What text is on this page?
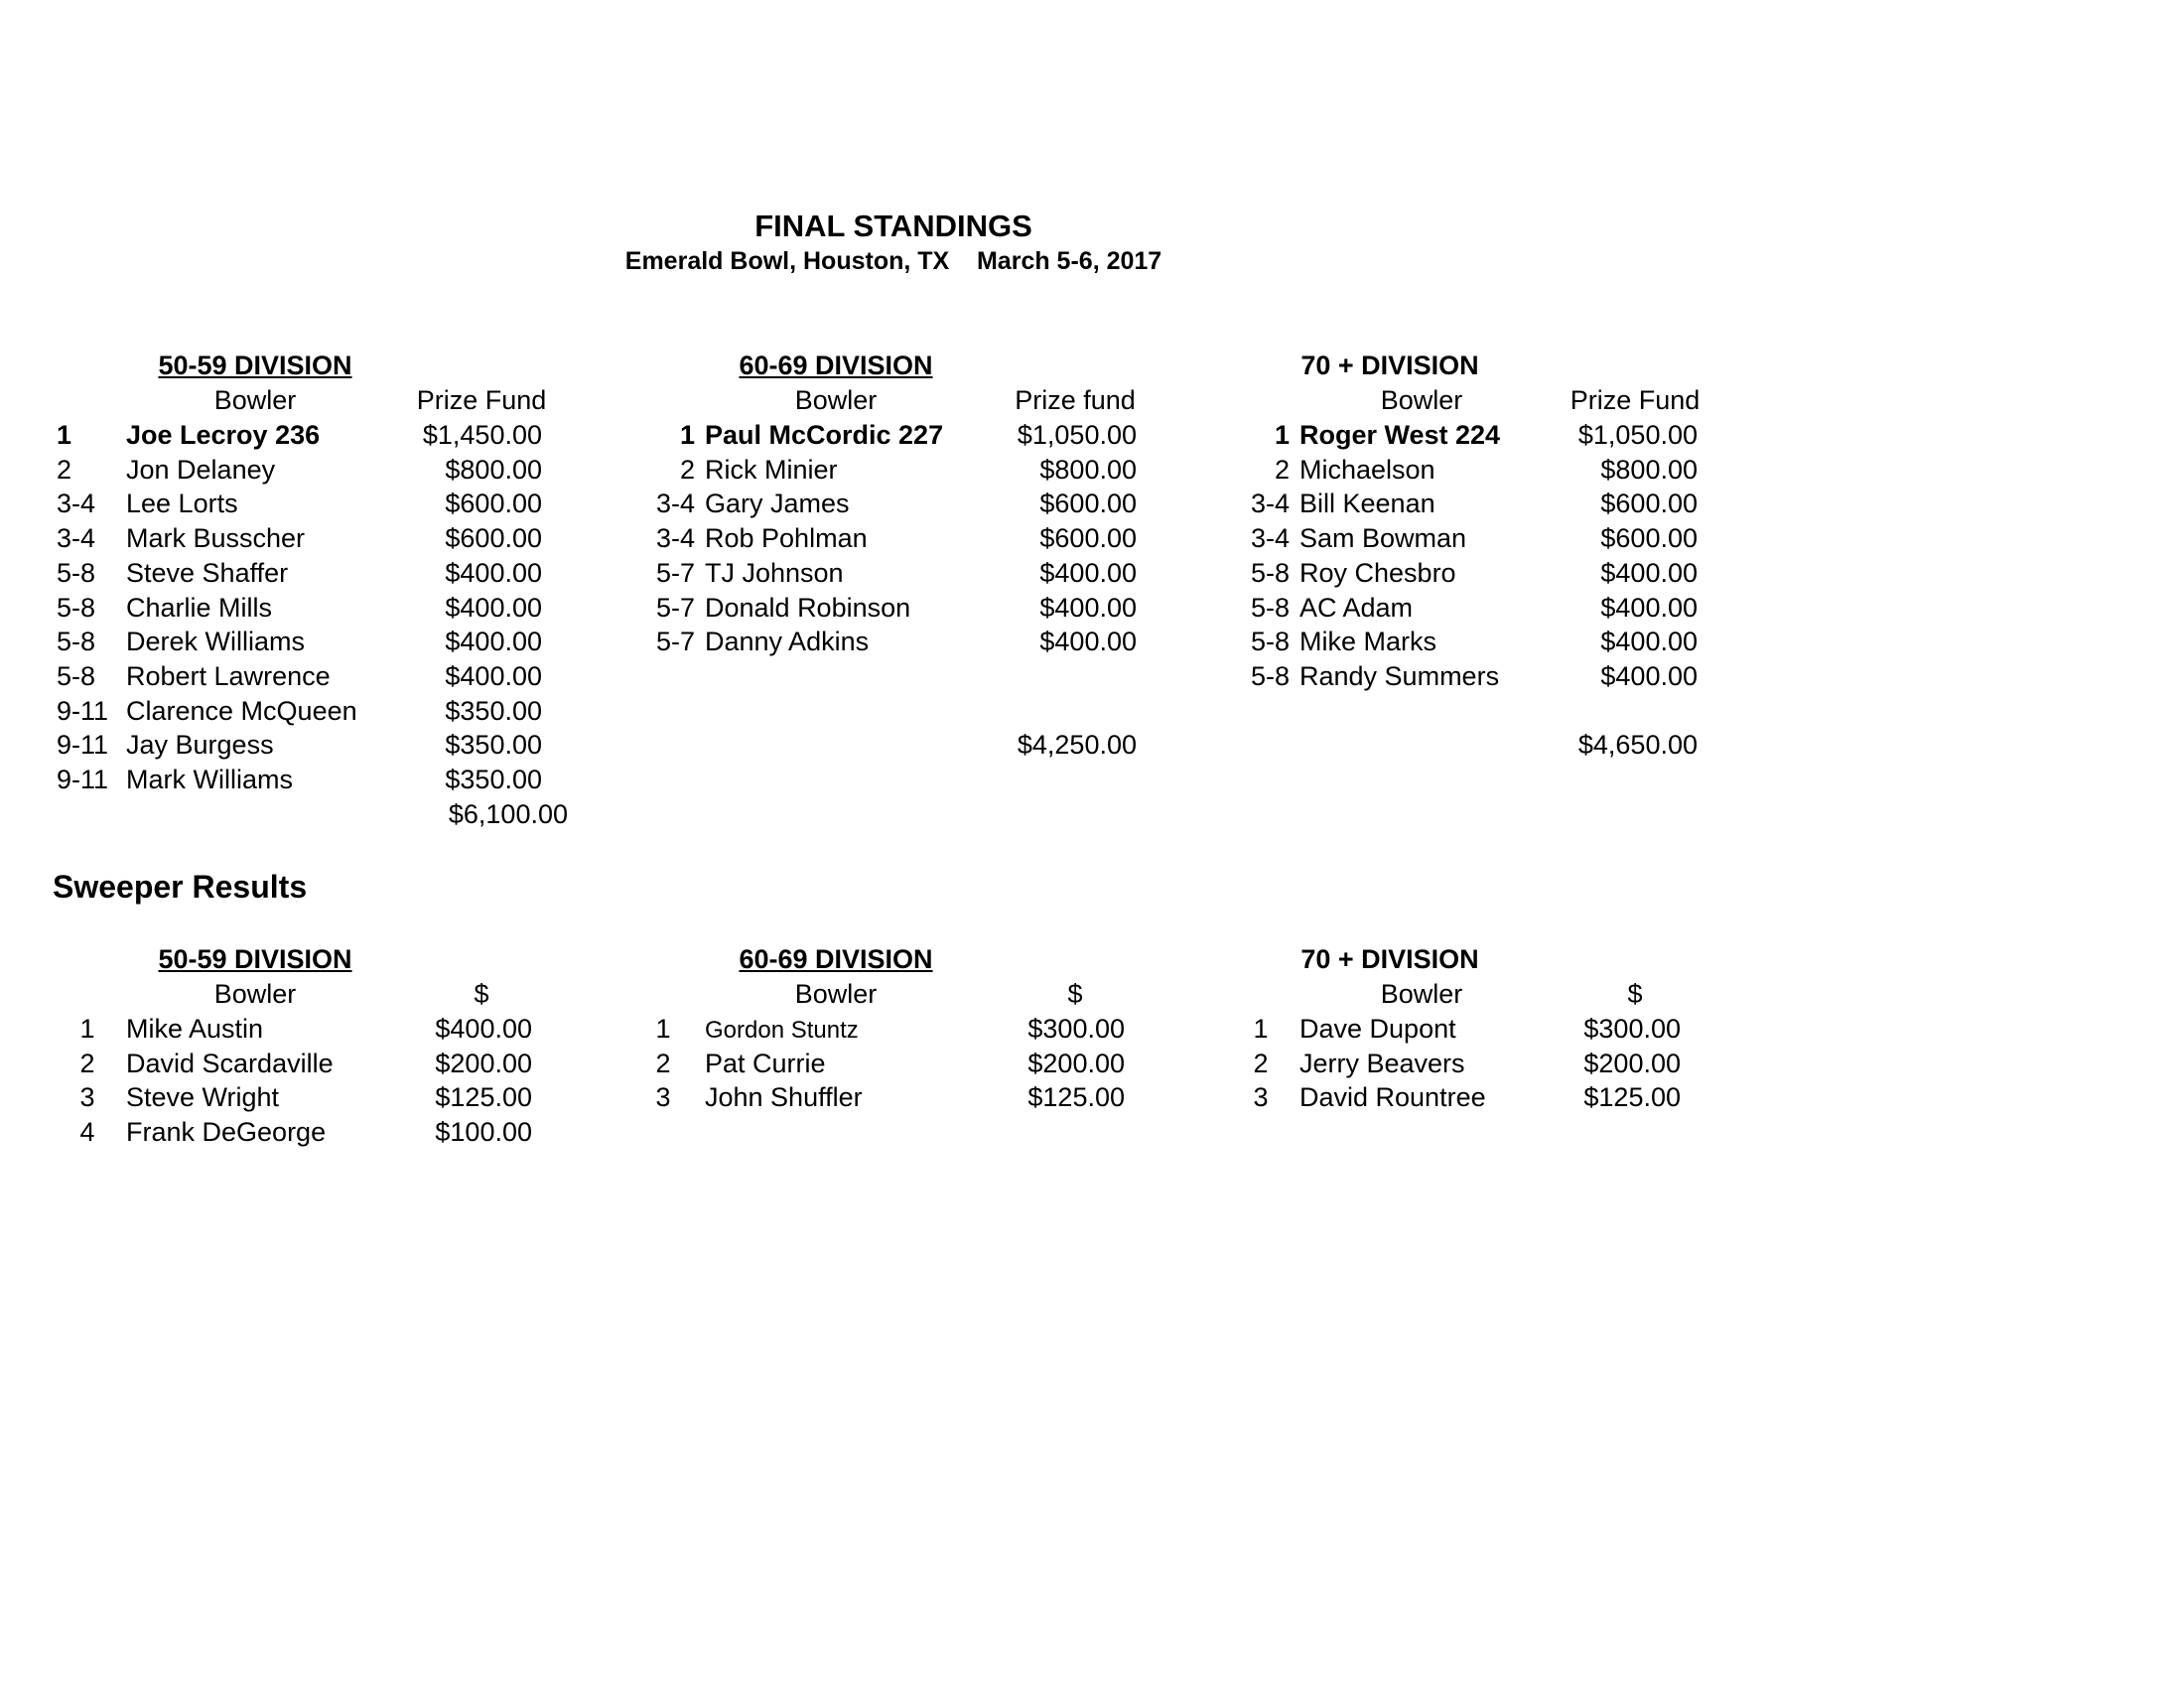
FINAL STANDINGS
Emerald Bowl, Houston, TX    March 5-6, 2017
Sweeper Results
50-59 DIVISION
Bowler	Prize Fund
1 Joe Lecroy 236	$1,450.00
2 Jon Delaney	$800.00
3-4 Lee Lorts	$600.00
3-4 Mark Busscher	$600.00
5-8 Steve Shaffer	$400.00
5-8 Charlie Mills	$400.00
5-8 Derek Williams	$400.00
5-8 Robert Lawrence	$400.00
9-11 Clarence McQueen	$350.00
9-11 Jay Burgess	$350.00
9-11 Mark Williams	$350.00
$6,100.00
60-69 DIVISION
Bowler	Prize fund
1 Paul McCordic 227	$1,050.00
2 Rick Minier	$800.00
3-4 Gary James	$600.00
3-4 Rob Pohlman	$600.00
5-7 TJ Johnson	$400.00
5-7 Donald Robinson	$400.00
5-7 Danny Adkins	$400.00
$4,250.00
70 + DIVISION
Bowler	Prize Fund
1 Roger West 224	$1,050.00
2 Michaelson	$800.00
3-4 Bill Keenan	$600.00
3-4 Sam Bowman	$600.00
5-8 Roy Chesbro	$400.00
5-8 AC Adam	$400.00
5-8 Mike Marks	$400.00
5-8 Randy Summers	$400.00
$4,650.00
50-59 DIVISION
Bowler	$
1	Mike Austin	$400.00
2	David Scardaville	$200.00
3	Steve Wright	$125.00
4	Frank DeGeorge	$100.00
60-69 DIVISION
Bowler	$
1	Gordon Stuntz	$300.00
2	Pat Currie	$200.00
3	John Shuffler	$125.00
70 + DIVISION
Bowler	$
1	Dave Dupont	$300.00
2	Jerry Beavers	$200.00
3	David Rountree	$125.00
